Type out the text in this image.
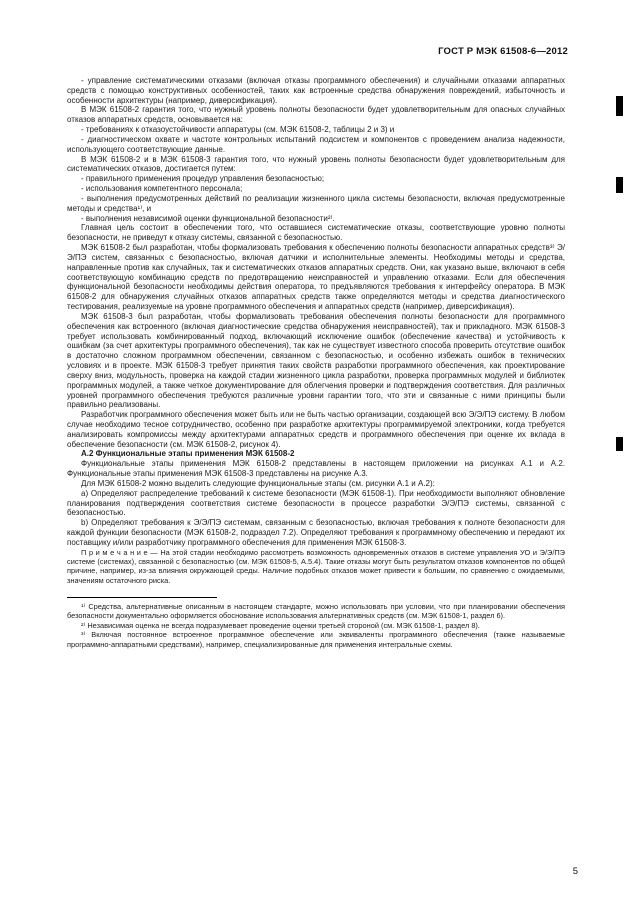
ГОСТ Р МЭК 61508-6—2012

- управление систематическими отказами (включая отказы программного обеспечения) и случайными отказами аппаратных средств с помощью конструктивных особенностей, таких как встроенные средства обнаружения повреждений, избыточность и особенности архитектуры (например, диверсификация).

В МЭК 61508-2 гарантия того, что нужный уровень полноты безопасности будет удовлетворительным для опасных случайных отказов аппаратных средств, основывается на:

- требованиях к отказоустойчивости аппаратуры (см. МЭК 61508-2, таблицы 2 и 3) и

- диагностическом охвате и частоте контрольных испытаний подсистем и компонентов с проведением анализа надежности, использующего соответствующие данные.

В МЭК 61508-2 и в МЭК 61508-3 гарантия того, что нужный уровень полноты безопасности будет удовлетворительным для систематических отказов, достигается путем:

- правильного применения процедур управления безопасностью;

- использования компетентного персонала;

- выполнения предусмотренных действий по реализации жизненного цикла системы безопасности, включая предусмотренные методы и средства¹⁾, и

- выполнения независимой оценки функциональной безопасности²⁾.

Главная цель состоит в обеспечении того, что оставшиеся систематические отказы, соответствующие уровню полноты безопасности, не приведут к отказу системы, связанной с безопасностью.

МЭК 61508-2 был разработан, чтобы формализовать требования к обеспечению полноты безопасности аппаратных средств³⁾ Э/Э/ПЭ систем, связанных с безопасностью, включая датчики и исполнительные элементы. Необходимы методы и средства, направленные против как случайных, так и систематических отказов аппаратных средств. Они, как указано выше, включают в себя соответствующую комбинацию средств по предотвращению неисправностей и управлению отказами. Если для обеспечения функциональной безопасности необходимы действия оператора, то предъявляются требования к интерфейсу оператора. В МЭК 61508-2 для обнаружения случайных отказов аппаратных средств также определяются методы и средства диагностического тестирования, реализуемые на уровне программного обеспечения и аппаратных средств (например, диверсификация).

МЭК 61508-3 был разработан, чтобы формализовать требования обеспечения полноты безопасности для программного обеспечения как встроенного (включая диагностические средства обнаружения неисправностей), так и прикладного. МЭК 61508-3 требует использовать комбинированный подход, включающий исключение ошибок (обеспечение качества) и устойчивость к ошибкам (за счет архитектуры программного обеспечения), так как не существует известного способа проверить отсутствие ошибок в достаточно сложном программном обеспечении, связанном с безопасностью, и особенно избежать ошибок в технических условиях и в проекте. МЭК 61508-3 требует принятия таких свойств разработки программного обеспечения, как проектирование сверху вниз, модульность, проверка на каждой стадии жизненного цикла разработки, проверка программных модулей и библиотек программных модулей, а также четкое документирование для облегчения проверки и подтверждения соответствия. Для различных уровней программного обеспечения требуются различные уровни гарантии того, что эти и связанные с ними принципы были правильно реализованы.

Разработчик программного обеспечения может быть или не быть частью организации, создающей всю Э/Э/ПЭ систему. В любом случае необходимо тесное сотрудничество, особенно при разработке архитектуры программируемой электроники, когда требуется анализировать компромиссы между архитектурами аппаратных средств и программного обеспечения при оценке их вклада в обеспечение безопасности (см. МЭК 61508-2, рисунок 4).

А.2 Функциональные этапы применения МЭК 61508-2

Функциональные этапы применения МЭК 61508-2 представлены в настоящем приложении на рисунках А.1 и А.2. Функциональные этапы применения МЭК 61508-3 представлены на рисунке А.3.

Для МЭК 61508-2 можно выделить следующие функциональные этапы (см. рисунки А.1 и А.2):

а) Определяют распределение требований к системе безопасности (МЭК 61508-1). При необходимости выполняют обновление планирования подтверждения соответствия системе безопасности в процессе разработки Э/Э/ПЭ системы, связанной с безопасностью.

b) Определяют требования к Э/Э/ПЭ системам, связанным с безопасностью, включая требования к полноте безопасности для каждой функции безопасности (МЭК 61508-2, подраздел 7.2). Определяют требования к программному обеспечению и передают их поставщику и/или разработчику программного обеспечения для применения МЭК 61508-3.

П р и м е ч а н и е — На этой стадии необходимо рассмотреть возможность одновременных отказов в системе управления УО и Э/Э/ПЭ системе (системах), связанной с безопасностью (см. МЭК 61508-5, А.5.4). Такие отказы могут быть результатом отказов компонентов по общей причине, например, из-за влияния окружающей среды. Наличие подобных отказов может привести к большим, по сравнению с ожидаемыми, значениям остаточного риска.

¹⁾ Средства, альтернативные описанным в настоящем стандарте, можно использовать при условии, что при планировании обеспечения безопасности документально оформляется обоснование использования альтернативных средств (см. МЭК 61508-1, раздел 6).

²⁾ Независимая оценка не всегда подразумевает проведение оценки третьей стороной (см. МЭК 61508-1, раздел 8).

³⁾ Включая постоянное встроенное программное обеспечение или эквиваленты программного обеспечения (также называемые программно-аппаратными средствами), например, специализированные для применения интегральные схемы.

5
